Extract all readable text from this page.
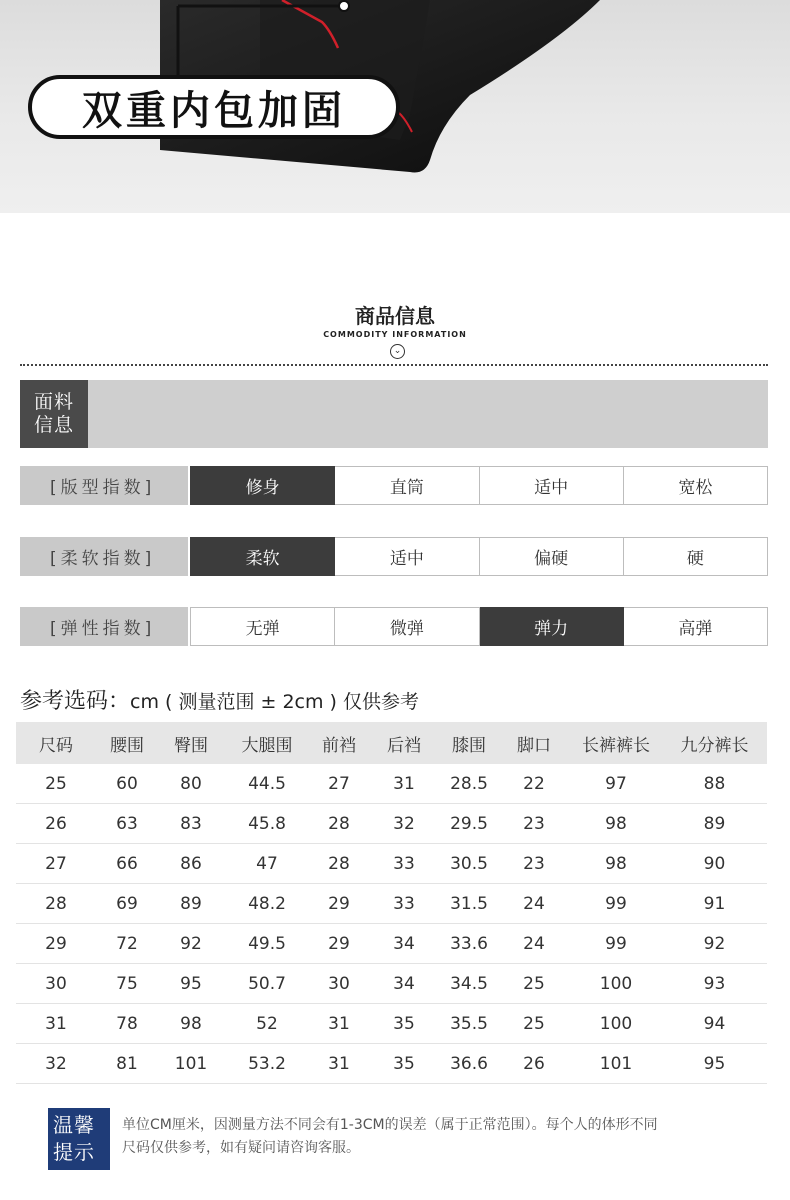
双重内包加固
商品信息
COMMODITY INFORMATION
⌄
面料
信息
[版型指数]	修身	直筒	适中	宽松
[柔软指数]	柔软	适中	偏硬	硬
[弹性指数]	无弹	微弹	弹力	高弹
参考选码：cm ( 测量范围 ± 2cm ) 仅供参考
尺码	腰围	臀围	大腿围	前裆	后裆	膝围	脚口	长裤裤长	九分裤长
25	60	80	44.5	27	31	28.5	22	97	88
26	63	83	45.8	28	32	29.5	23	98	89
27	66	86	47	28	33	30.5	23	98	90
28	69	89	48.2	29	33	31.5	24	99	91
29	72	92	49.5	29	34	33.6	24	99	92
30	75	95	50.7	30	34	34.5	25	100	93
31	78	98	52	31	35	35.5	25	100	94
32	81	101	53.2	31	35	36.6	26	101	95
温馨
提示
单位CM厘米，因测量方法不同会有1-3CM的误差（属于正常范围）。每个人的体形不同
尺码仅供参考，如有疑问请咨询客服。
